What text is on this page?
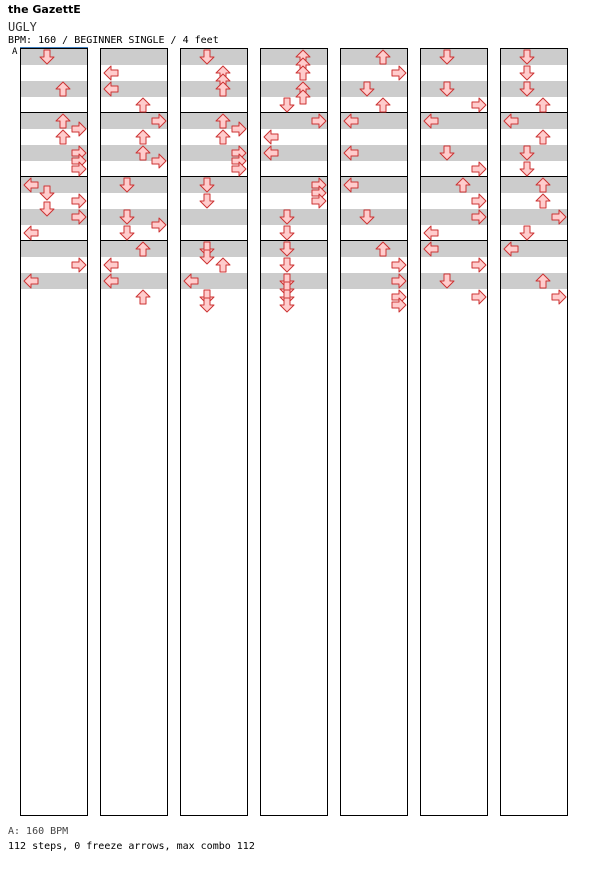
the GazettE
UGLY
BPM: 160 / BEGINNER SINGLE / 4 feet
A
A: 160 BPM
112 steps, 0 freeze arrows, max combo 112
